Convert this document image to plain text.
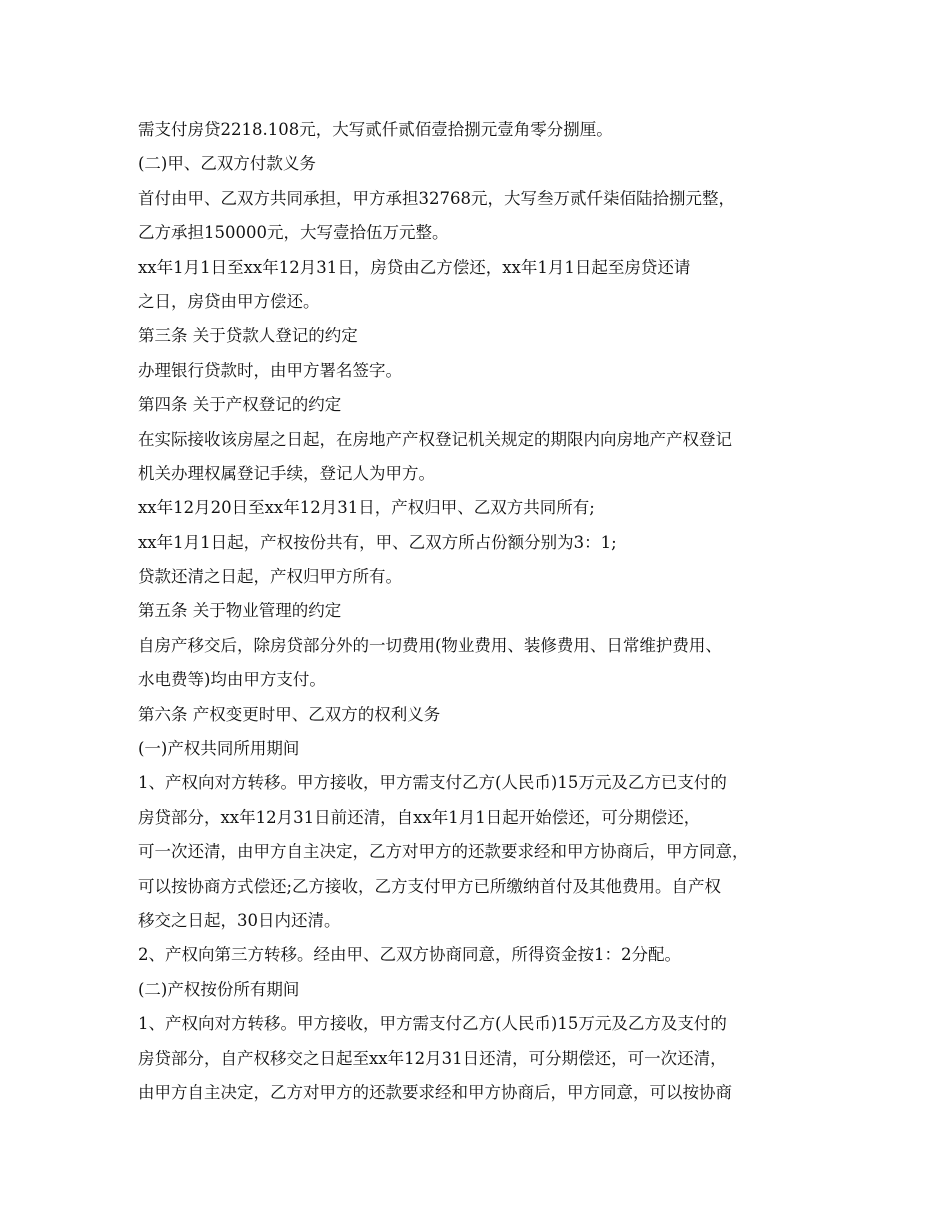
需支付房贷2218.108元，大写贰仟贰佰壹拾捌元壹角零分捌厘。
(二)甲、乙双方付款义务
首付由甲、乙双方共同承担，甲方承担32768元，大写叁万贰仟柒佰陆拾捌元整，
乙方承担150000元，大写壹拾伍万元整。
xx年1月1日至xx年12月31日，房贷由乙方偿还，xx年1月1日起至房贷还请
之日，房贷由甲方偿还。
第三条 关于贷款人登记的约定
办理银行贷款时，由甲方署名签字。
第四条 关于产权登记的约定
在实际接收该房屋之日起，在房地产产权登记机关规定的期限内向房地产产权登记
机关办理权属登记手续，登记人为甲方。
xx年12月20日至xx年12月31日，产权归甲、乙双方共同所有;
xx年1月1日起，产权按份共有，甲、乙双方所占份额分别为3：1;
贷款还清之日起，产权归甲方所有。
第五条 关于物业管理的约定
自房产移交后，除房贷部分外的一切费用(物业费用、装修费用、日常维护费用、
水电费等)均由甲方支付。
第六条 产权变更时甲、乙双方的权利义务
(一)产权共同所用期间
1、产权向对方转移。甲方接收，甲方需支付乙方(人民币)15万元及乙方已支付的
房贷部分，xx年12月31日前还清，自xx年1月1日起开始偿还，可分期偿还，
可一次还清，由甲方自主决定，乙方对甲方的还款要求经和甲方协商后，甲方同意，
可以按协商方式偿还;乙方接收，乙方支付甲方已所缴纳首付及其他费用。自产权
移交之日起，30日内还清。
2、产权向第三方转移。经由甲、乙双方协商同意，所得资金按1：2分配。
(二)产权按份所有期间
1、产权向对方转移。甲方接收，甲方需支付乙方(人民币)15万元及乙方及支付的
房贷部分，自产权移交之日起至xx年12月31日还清，可分期偿还，可一次还清，
由甲方自主决定，乙方对甲方的还款要求经和甲方协商后，甲方同意，可以按协商
